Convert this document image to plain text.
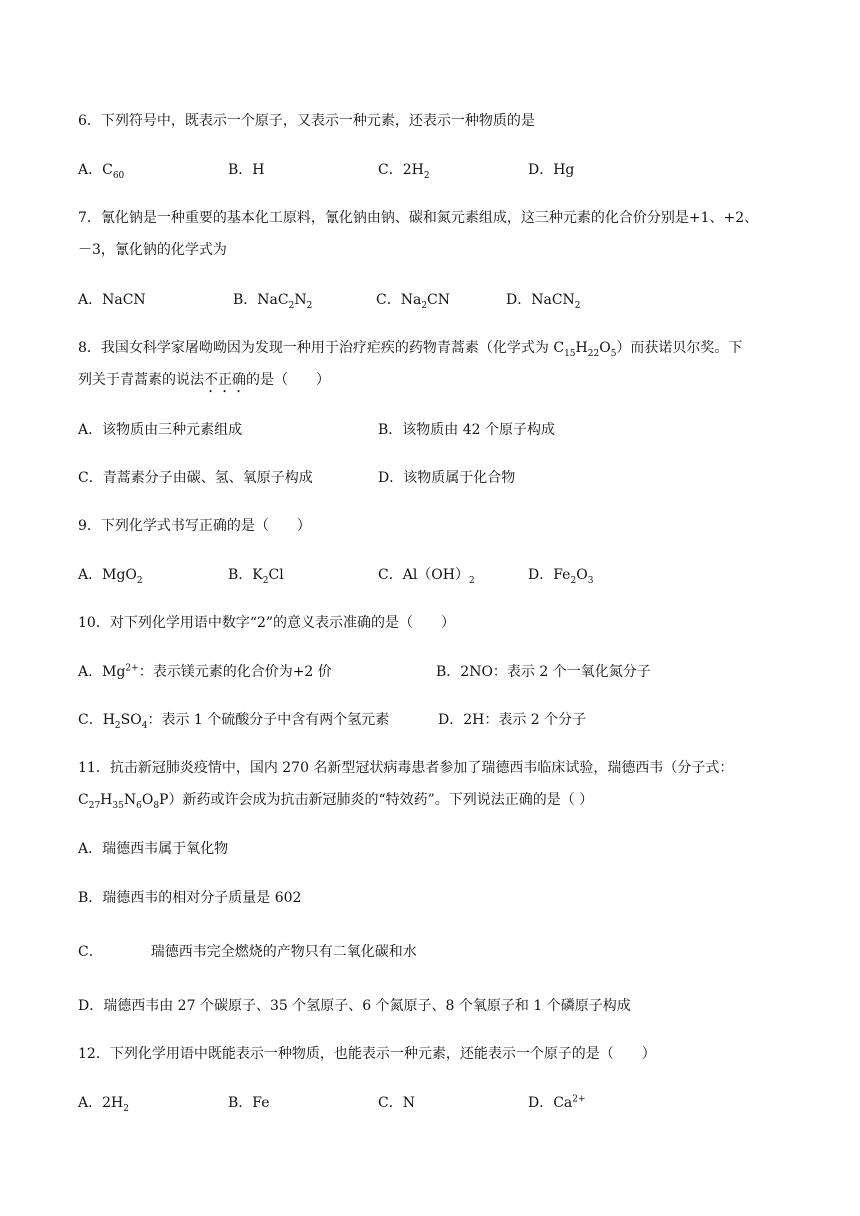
6．下列符号中，既表示一个原子，又表示一种元素，还表示一种物质的是
A．$C_{60}$	B．H	C．$2H_2$	D．Hg
7．氰化钠是一种重要的基本化工原料，氰化钠由钠、碳和氮元素组成，这三种元素的化合价分别是+1、+2、
－3，氰化钠的化学式为
A．NaCN	B．$NaC_2N_2$	C．$Na_2CN$	D．NaCN$_2$
8．我国女科学家屠呦呦因为发现一种用于治疗疟疾的药物青蒿素（化学式为 $C_{15}H_{22}O_5$）而获诺贝尔奖。下
列关于青蒿素的说法不正确的是（　　）
A．该物质由三种元素组成	B．该物质由 42 个原子构成
C．青蒿素分子由碳、氢、氧原子构成	D．该物质属于化合物
9．下列化学式书写正确的是（　　）
A．MgO$_2$	B．$K_2Cl$	C．$Al(OH)_2$	D．$Fe_2O_3$
10．对下列化学用语中数字“2”的意义表示准确的是（　　）
A．$Mg^{2+}$：表示镁元素的化合价为+2 价	B．2NO：表示 2 个一氧化氮分子
C．$H_2SO_4$：表示 1 个硫酸分子中含有两个氢元素	D．2H：表示 2 个分子
11．抗击新冠肺炎疫情中，国内 270 名新型冠状病毒患者参加了瑞德西韦临床试验，瑞德西韦（分子式：
$C_{27}H_{35}N_6O_8P$）新药或许会成为抗击新冠肺炎的“特效药”。下列说法正确的是（ ）
A．瑞德西韦属于氧化物
B．瑞德西韦的相对分子质量是 602
C．	瑞德西韦完全燃烧的产物只有二氧化碳和水
D．瑞德西韦由 27 个碳原子、35 个氢原子、6 个氮原子、8 个氧原子和 1 个磷原子构成
12．下列化学用语中既能表示一种物质，也能表示一种元素，还能表示一个原子的是（　　）
A．$2H_2$	B．Fe	C．N	D．$Ca^{2+}$
